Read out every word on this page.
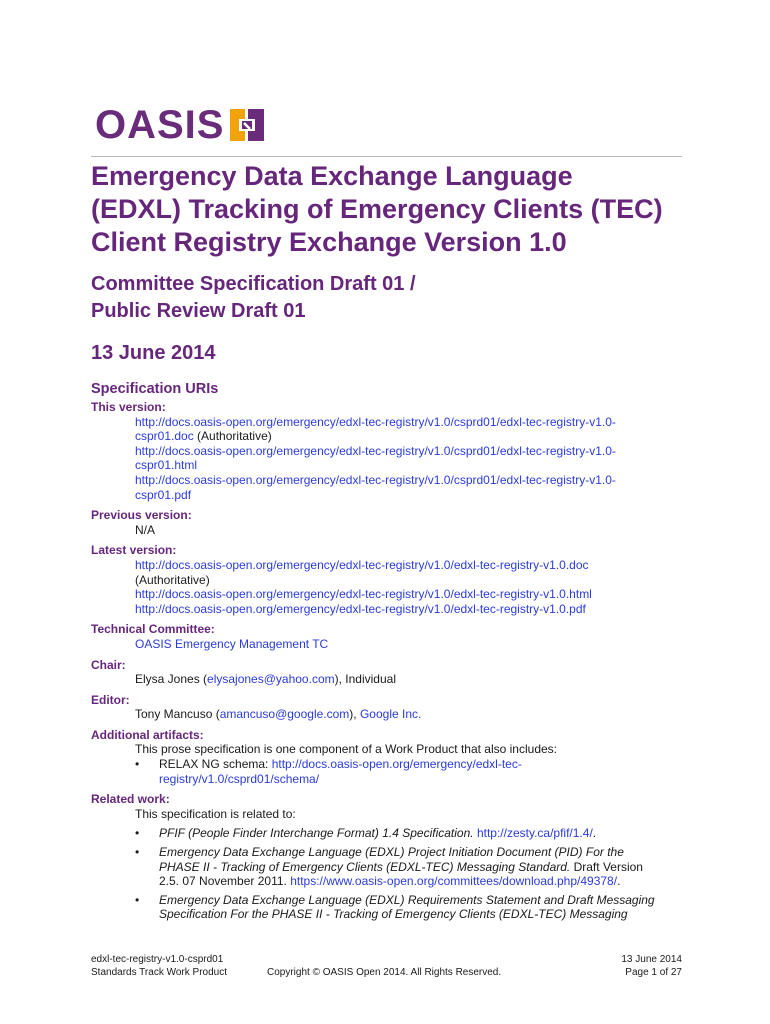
OASIS
Emergency Data Exchange Language
(EDXL) Tracking of Emergency Clients (TEC)
Client Registry Exchange Version 1.0
Committee Specification Draft 01 /
Public Review Draft 01
13 June 2014
Specification URIs
This version:
http://docs.oasis-open.org/emergency/edxl-tec-registry/v1.0/csprd01/edxl-tec-registry-v1.0-
cspr01.doc (Authoritative)
http://docs.oasis-open.org/emergency/edxl-tec-registry/v1.0/csprd01/edxl-tec-registry-v1.0-
cspr01.html
http://docs.oasis-open.org/emergency/edxl-tec-registry/v1.0/csprd01/edxl-tec-registry-v1.0-
cspr01.pdf
Previous version:
N/A
Latest version:
http://docs.oasis-open.org/emergency/edxl-tec-registry/v1.0/edxl-tec-registry-v1.0.doc
(Authoritative)
http://docs.oasis-open.org/emergency/edxl-tec-registry/v1.0/edxl-tec-registry-v1.0.html
http://docs.oasis-open.org/emergency/edxl-tec-registry/v1.0/edxl-tec-registry-v1.0.pdf
Technical Committee:
OASIS Emergency Management TC
Chair:
Elysa Jones (elysajones@yahoo.com), Individual
Editor:
Tony Mancuso (amancuso@google.com), Google Inc.
Additional artifacts:
This prose specification is one component of a Work Product that also includes:
• RELAX NG schema: http://docs.oasis-open.org/emergency/edxl-tec-
registry/v1.0/csprd01/schema/
Related work:
This specification is related to:
• PFIF (People Finder Interchange Format) 1.4 Specification. http://zesty.ca/pfif/1.4/.
• Emergency Data Exchange Language (EDXL) Project Initiation Document (PID) For the
PHASE II - Tracking of Emergency Clients (EDXL-TEC) Messaging Standard. Draft Version
2.5. 07 November 2011. https://www.oasis-open.org/committees/download.php/49378/.
• Emergency Data Exchange Language (EDXL) Requirements Statement and Draft Messaging
Specification For the PHASE II - Tracking of Emergency Clients (EDXL-TEC) Messaging
edxl-tec-registry-v1.0-csprd01
Standards Track Work Product	Copyright © OASIS Open 2014. All Rights Reserved.
13 June 2014
Page 1 of 27
